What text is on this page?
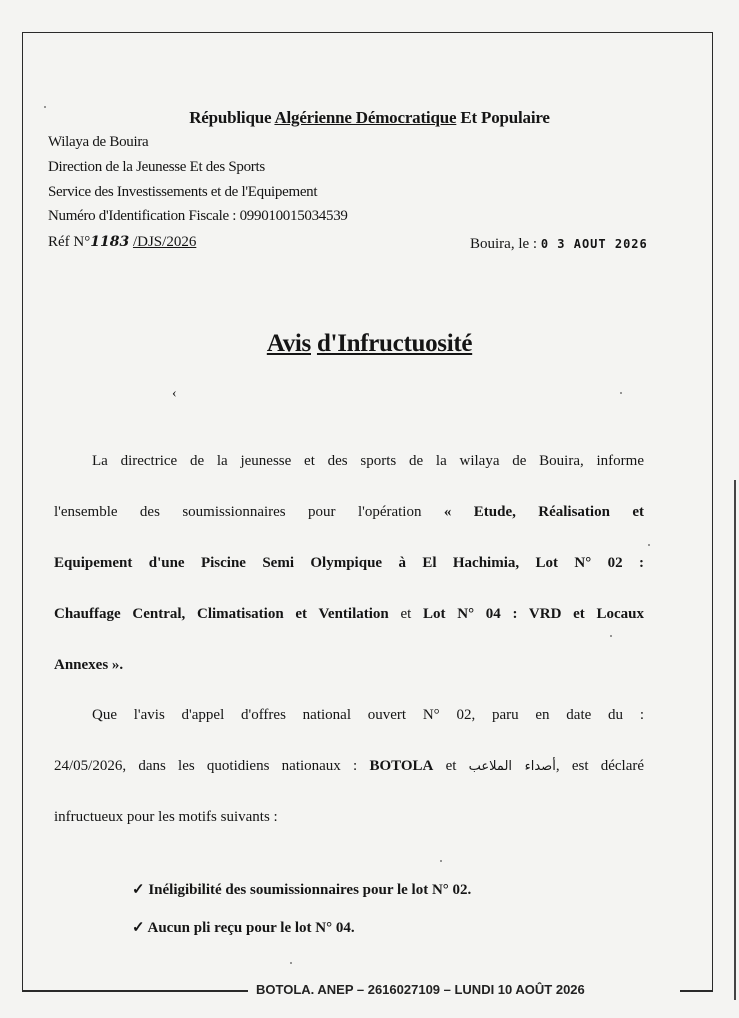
République Algérienne Démocratique Et Populaire
Wilaya de Bouira
Direction de la Jeunesse Et des Sports
Service des Investissements et de l'Equipement
Numéro d'Identification Fiscale : 099010015034539
Réf N°1183 /DJS/2026	Bouira, le : 0 3 AOUT 2026
Avis d'Infructuosité
‹
La directrice de la jeunesse et des sports de la wilaya de Bouira, informe
l'ensemble des soumissionnaires pour l'opération « Etude, Réalisation et
Equipement d'une Piscine Semi Olympique à El Hachimia, Lot N° 02 :
Chauffage Central, Climatisation et Ventilation et Lot N° 04 : VRD et Locaux
Annexes ».
Que l'avis d'appel d'offres national ouvert N° 02, paru en date du :
24/05/2026, dans les quotidiens nationaux : BOTOLA et أصداء الملاعب, est déclaré
infructueux pour les motifs suivants :
✓ Inéligibilité des soumissionnaires pour le lot N° 02.
✓ Aucun pli reçu pour le lot N° 04.
BOTOLA. ANEP – 2616027109 – LUNDI 10 AOÛT 2026
